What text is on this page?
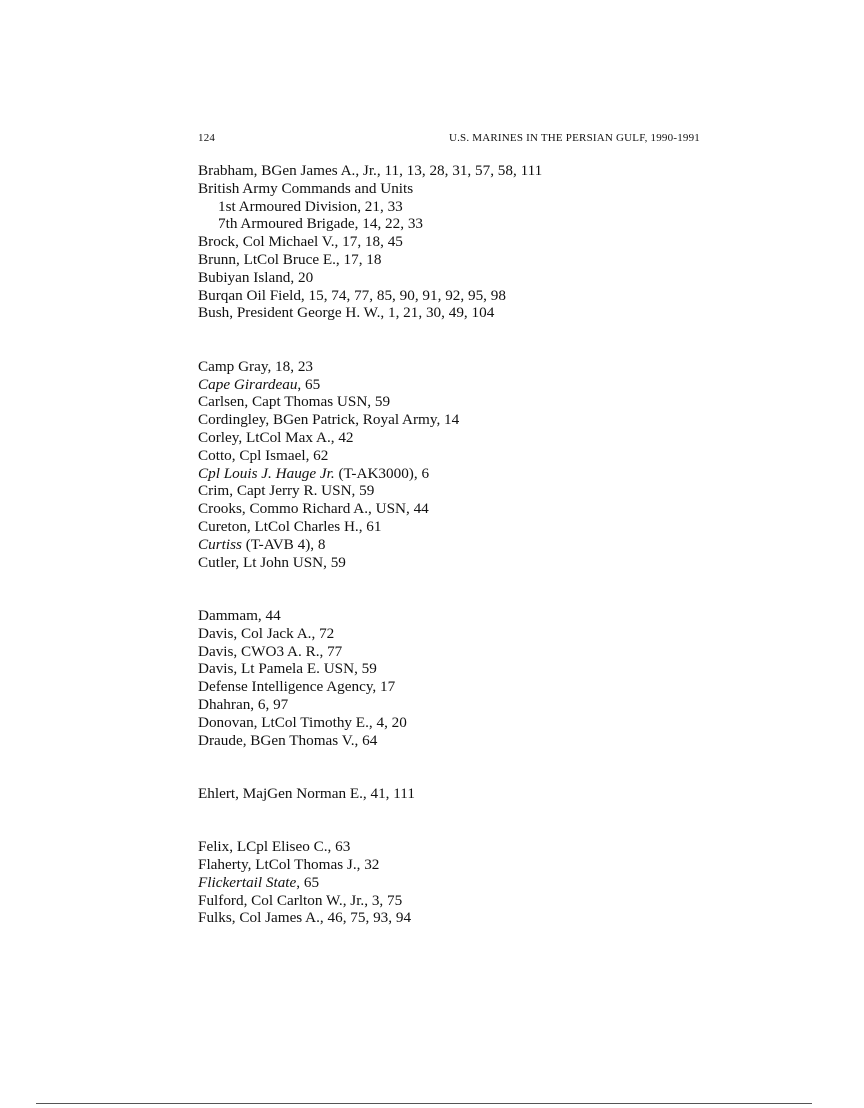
124	U.S. MARINES IN THE PERSIAN GULF, 1990-1991
Brabham, BGen James A., Jr., 11, 13, 28, 31, 57, 58, 111
British Army Commands and Units
1st Armoured Division, 21, 33
7th Armoured Brigade, 14, 22, 33
Brock, Col Michael V., 17, 18, 45
Brunn, LtCol Bruce E., 17, 18
Bubiyan Island, 20
Burqan Oil Field, 15, 74, 77, 85, 90, 91, 92, 95, 98
Bush, President George H. W., 1, 21, 30, 49, 104
Camp Gray, 18, 23
Cape Girardeau, 65
Carlsen, Capt Thomas USN, 59
Cordingley, BGen Patrick, Royal Army, 14
Corley, LtCol Max A., 42
Cotto, Cpl Ismael, 62
Cpl Louis J. Hauge Jr. (T-AK3000), 6
Crim, Capt Jerry R. USN, 59
Crooks, Commo Richard A., USN, 44
Cureton, LtCol Charles H., 61
Curtiss (T-AVB 4), 8
Cutler, Lt John USN, 59
Dammam, 44
Davis, Col Jack A., 72
Davis, CWO3 A. R., 77
Davis, Lt Pamela E. USN, 59
Defense Intelligence Agency, 17
Dhahran, 6, 97
Donovan, LtCol Timothy E., 4, 20
Draude, BGen Thomas V., 64
Ehlert, MajGen Norman E., 41, 111
Felix, LCpl Eliseo C., 63
Flaherty, LtCol Thomas J., 32
Flickertail State, 65
Fulford, Col Carlton W., Jr., 3, 75
Fulks, Col James A., 46, 75, 93, 94
